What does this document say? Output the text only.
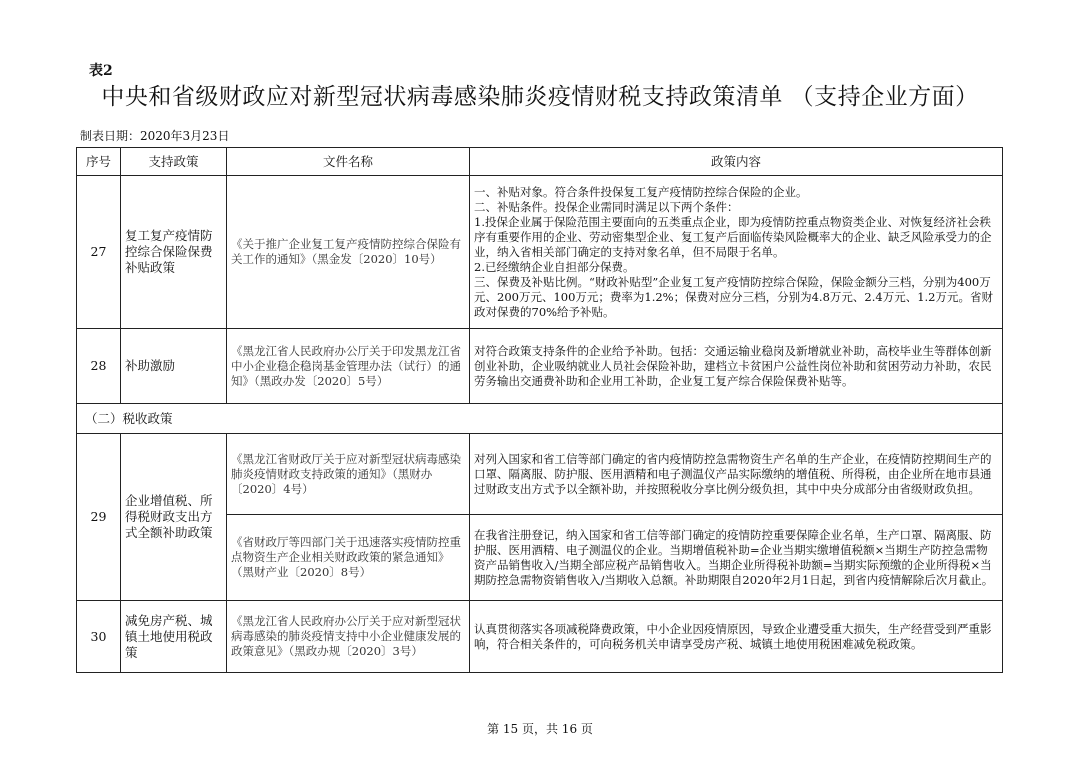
表2
中央和省级财政应对新型冠状病毒感染肺炎疫情财税支持政策清单 （支持企业方面）
制表日期：2020年3月23日
序号	支持政策	文件名称	政策内容
27	复工复产疫情防控综合保险保费补贴政策	《关于推广企业复工复产疫情防控综合保险有关工作的通知》（黑金发〔2020〕10号）	一、补贴对象。符合条件投保复工复产疫情防控综合保险的企业。

二、补贴条件。投保企业需同时满足以下两个条件：

1.投保企业属于保险范围主要面向的五类重点企业，即为疫情防控重点物资类企业、对恢复经济社会秩序有重要作用的企业、劳动密集型企业、复工复产后面临传染风险概率大的企业、缺乏风险承受力的企业，纳入省相关部门确定的支持对象名单，但不局限于名单。

2.已经缴纳企业自担部分保费。

三、保费及补贴比例。“财政补贴型”企业复工复产疫情防控综合保险，保险金额分三档，分别为400万元、200万元、100万元；费率为1.2%；保费对应分三档，分别为4.8万元、2.4万元、1.2万元。省财政对保费的70%给予补贴。

28	补助激励	《黑龙江省人民政府办公厅关于印发黑龙江省中小企业稳企稳岗基金管理办法（试行）的通知》（黑政办发〔2020〕5号）	对符合政策支持条件的企业给予补助。包括：交通运输业稳岗及新增就业补助，高校毕业生等群体创新创业补助，企业吸纳就业人员社会保险补助，建档立卡贫困户公益性岗位补助和贫困劳动力补助，农民劳务输出交通费补助和企业用工补助，企业复工复产综合保险保费补贴等。
（二）税收政策			
29	企业增值税、所得税财政支出方式全额补助政策	《黑龙江省财政厅关于应对新型冠状病毒感染肺炎疫情财政支持政策的通知》（黑财办〔2020〕4号）	对列入国家和省工信等部门确定的省内疫情防控急需物资生产名单的生产企业，在疫情防控期间生产的口罩、隔离服、防护服、医用酒精和电子测温仪产品实际缴纳的增值税、所得税，由企业所在地市县通过财政支出方式予以全额补助，并按照税收分享比例分级负担，其中中央分成部分由省级财政负担。
		《省财政厅等四部门关于迅速落实疫情防控重点物资生产企业相关财政政策的紧急通知》（黑财产业〔2020〕8号）	在我省注册登记，纳入国家和省工信等部门确定的疫情防控重要保障企业名单，生产口罩、隔离服、防护服、医用酒精、电子测温仪的企业。当期增值税补助=企业当期实缴增值税额×当期生产防控急需物资产品销售收入/当期全部应税产品销售收入。当期企业所得税补助额=当期实际预缴的企业所得税×当期防控急需物资销售收入/当期收入总额。补助期限自2020年2月1日起，到省内疫情解除后次月截止。
30	减免房产税、城镇土地使用税政策	《黑龙江省人民政府办公厅关于应对新型冠状病毒感染的肺炎疫情支持中小企业健康发展的政策意见》（黑政办规〔2020〕3号）	认真贯彻落实各项减税降费政策，中小企业因疫情原因，导致企业遭受重大损失，生产经营受到严重影响，符合相关条件的，可向税务机关申请享受房产税、城镇土地使用税困难减免税政策。
第 15 页，共 16 页
